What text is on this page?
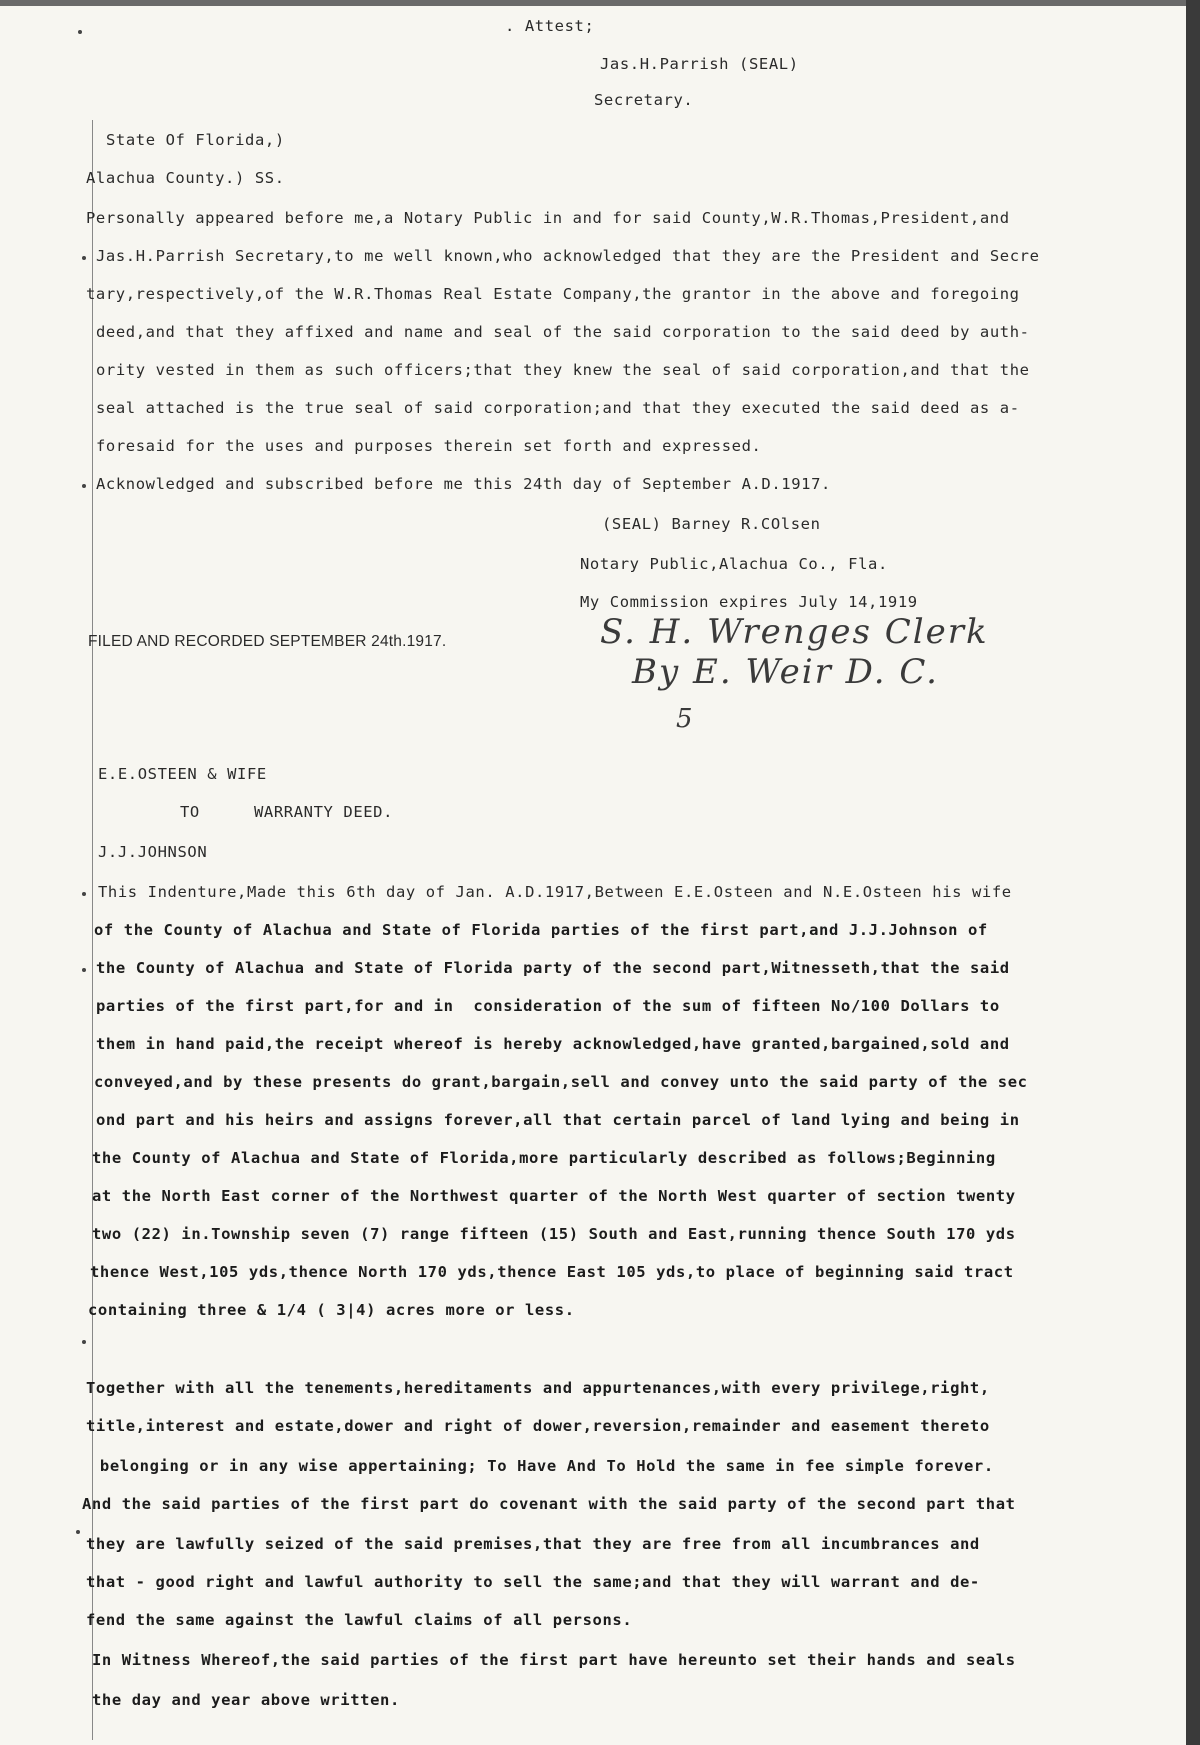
. Attest;
Jas.H.Parrish (SEAL)
Secretary.
State Of Florida,)
Alachua County.) SS.
Personally appeared before me,a Notary Public in and for said County,W.R.Thomas,President,and
Jas.H.Parrish Secretary,to me well known,who acknowledged that they are the President and Secre
tary,respectively,of the W.R.Thomas Real Estate Company,the grantor in the above and foregoing
deed,and that they affixed and name and seal of the said corporation to the said deed by auth-
ority vested in them as such officers;that they knew the seal of said corporation,and that the
seal attached is the true seal of said corporation;and that they executed the said deed as a-
foresaid for the uses and purposes therein set forth and expressed.
Acknowledged and subscribed before me this 24th day of September A.D.1917.
(SEAL) Barney R.COlsen
Notary Public,Alachua Co., Fla.
My Commission expires July 14,1919
FILED AND RECORDED SEPTEMBER 24th.1917.	S. H. Wrenges Clerk
By E. Weir D. C.
5
E.E.OSTEEN & WIFE
TO	WARRANTY DEED.
J.J.JOHNSON
This Indenture,Made this 6th day of Jan. A.D.1917,Between E.E.Osteen and N.E.Osteen his wife
of the County of Alachua and State of Florida parties of the first part,and J.J.Johnson of
the County of Alachua and State of Florida party of the second part,Witnesseth,that the said
parties of the first part,for and in  consideration of the sum of fifteen No/100 Dollars to
them in hand paid,the receipt whereof is hereby acknowledged,have granted,bargained,sold and
conveyed,and by these presents do grant,bargain,sell and convey unto the said party of the sec
ond part and his heirs and assigns forever,all that certain parcel of land lying and being in
the County of Alachua and State of Florida,more particularly described as follows;Beginning
at the North East corner of the Northwest quarter of the North West quarter of section twenty
two (22) in.Township seven (7) range fifteen (15) South and East,running thence South 170 yds
thence West,105 yds,thence North 170 yds,thence East 105 yds,to place of beginning said tract
containing three & 1/4 ( 3|4) acres more or less.
Together with all the tenements,hereditaments and appurtenances,with every privilege,right,
title,interest and estate,dower and right of dower,reversion,remainder and easement thereto
belonging or in any wise appertaining; To Have And To Hold the same in fee simple forever.
And the said parties of the first part do covenant with the said party of the second part that
they are lawfully seized of the said premises,that they are free from all incumbrances and
that - good right and lawful authority to sell the same;and that they will warrant and de-
fend the same against the lawful claims of all persons.
In Witness Whereof,the said parties of the first part have hereunto set their hands and seals
the day and year above written.
